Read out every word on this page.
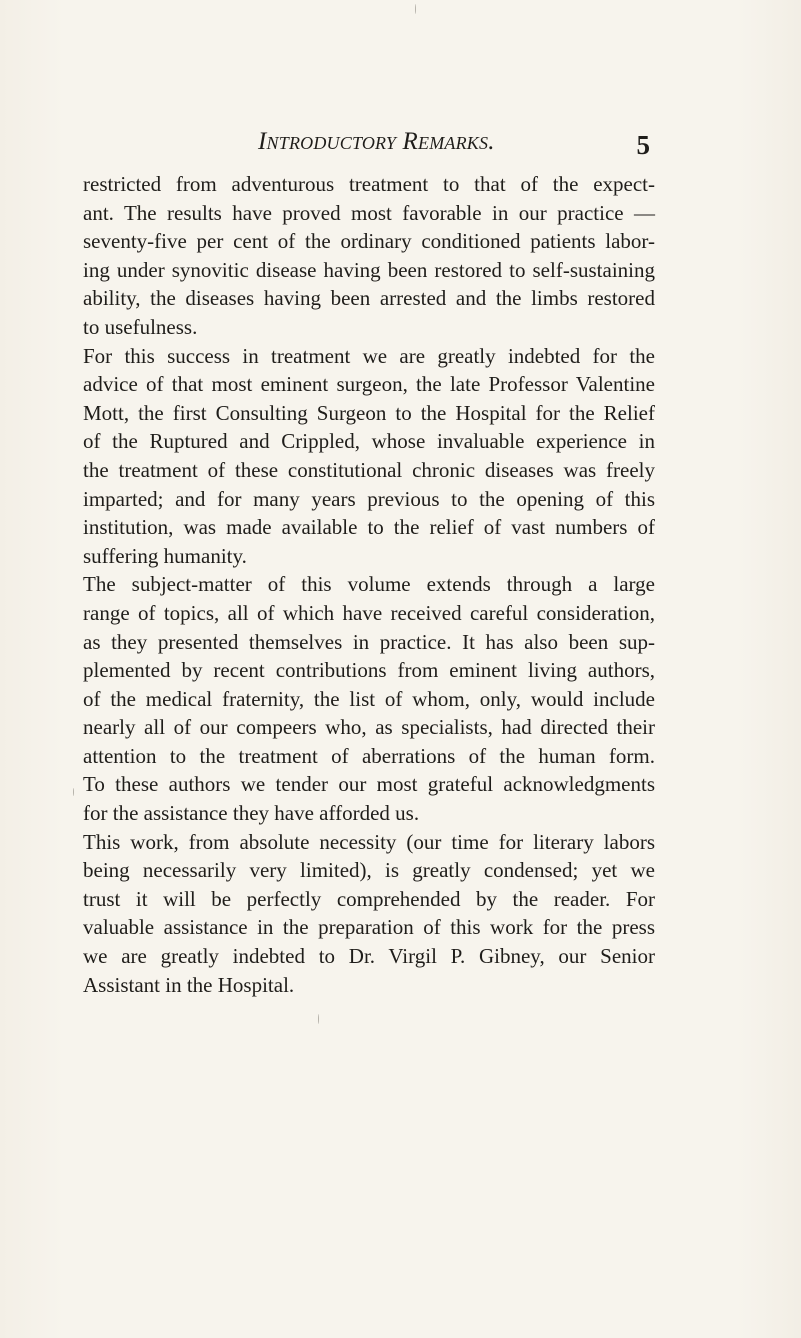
Introductory Remarks.	5
restricted from adventurous treatment to that of the expect-
ant. The results have proved most favorable in our practice —
seventy-five per cent of the ordinary conditioned patients labor-
ing under synovitic disease having been restored to self-sustaining
ability, the diseases having been arrested and the limbs restored
to usefulness.
For this success in treatment we are greatly indebted for the
advice of that most eminent surgeon, the late Professor Valentine
Mott, the first Consulting Surgeon to the Hospital for the Relief
of the Ruptured and Crippled, whose invaluable experience in
the treatment of these constitutional chronic diseases was freely
imparted; and for many years previous to the opening of this
institution, was made available to the relief of vast numbers of
suffering humanity.
The subject-matter of this volume extends through a large
range of topics, all of which have received careful consideration,
as they presented themselves in practice. It has also been sup-
plemented by recent contributions from eminent living authors,
of the medical fraternity, the list of whom, only, would include
nearly all of our compeers who, as specialists, had directed their
attention to the treatment of aberrations of the human form.
To these authors we tender our most grateful acknowledgments
for the assistance they have afforded us.
This work, from absolute necessity (our time for literary labors
being necessarily very limited), is greatly condensed; yet we
trust it will be perfectly comprehended by the reader. For
valuable assistance in the preparation of this work for the press
we are greatly indebted to Dr. Virgil P. Gibney, our Senior
Assistant in the Hospital.
